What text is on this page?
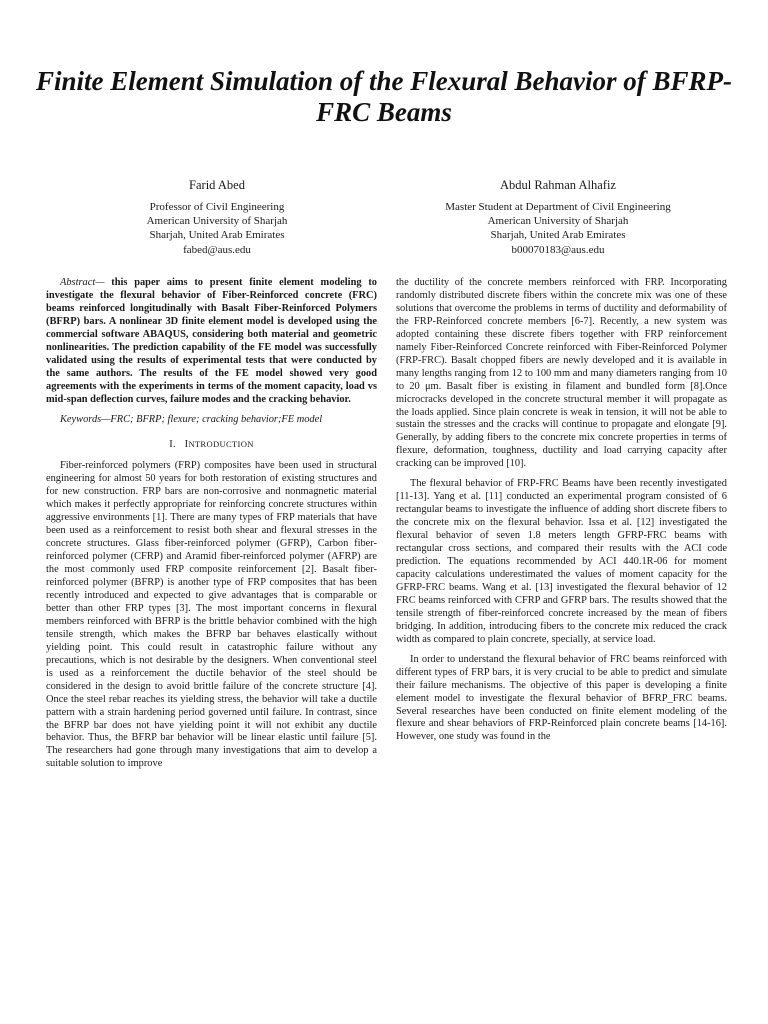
Finite Element Simulation of the Flexural Behavior of BFRP-FRC Beams
Farid Abed
Professor of Civil Engineering
American University of Sharjah
Sharjah, United Arab Emirates
fabed@aus.edu
Abdul Rahman Alhafiz
Master Student at Department of Civil Engineering
American University of Sharjah
Sharjah, United Arab Emirates
b00070183@aus.edu

Abstract— this paper aims to present finite element modeling to investigate the flexural behavior of Fiber-Reinforced concrete (FRC) beams reinforced longitudinally with Basalt Fiber-Reinforced Polymers (BFRP) bars. A nonlinear 3D finite element model is developed using the commercial software ABAQUS, considering both material and geometric nonlinearities. The prediction capability of the FE model was successfully validated using the results of experimental tests that were conducted by the same authors. The results of the FE model showed very good agreements with the experiments in terms of the moment capacity, load vs mid-span deflection curves, failure modes and the cracking behavior.

Keywords—FRC; BFRP; flexure; cracking behavior;FE model

I. INTRODUCTION

Fiber-reinforced polymers (FRP) composites have been used in structural engineering for almost 50 years for both restoration of existing structures and for new construction. FRP bars are non-corrosive and nonmagnetic material which makes it perfectly appropriate for reinforcing concrete structures within aggressive environments [1]. There are many types of FRP materials that have been used as a reinforcement to resist both shear and flexural stresses in the concrete structures. Glass fiber-reinforced polymer (GFRP), Carbon fiber-reinforced polymer (CFRP) and Aramid fiber-reinforced polymer (AFRP) are the most commonly used FRP composite reinforcement [2]. Basalt fiber-reinforced polymer (BFRP) is another type of FRP composites that has been recently introduced and expected to give advantages that is comparable or better than other FRP types [3]. The most important concerns in flexural members reinforced with BFRP is the brittle behavior combined with the high tensile strength, which makes the BFRP bar behaves elastically without yielding point. This could result in catastrophic failure without any precautions, which is not desirable by the designers. When conventional steel is used as a reinforcement the ductile behavior of the steel should be considered in the design to avoid brittle failure of the concrete structure [4]. Once the steel rebar reaches its yielding stress, the behavior will take a ductile pattern with a strain hardening period governed until failure. In contrast, since the BFRP bar does not have yielding point it will not exhibit any ductile behavior. Thus, the BFRP bar behavior will be linear elastic until failure [5]. The researchers had gone through many investigations that aim to develop a suitable solution to improve

the ductility of the concrete members reinforced with FRP. Incorporating randomly distributed discrete fibers within the concrete mix was one of these solutions that overcome the problems in terms of ductility and deformability of the FRP-Reinforced concrete members [6-7]. Recently, a new system was adopted containing these discrete fibers together with FRP reinforcement namely Fiber-Reinforced Concrete reinforced with Fiber-Reinforced Polymer (FRP-FRC). Basalt chopped fibers are newly developed and it is available in many lengths ranging from 12 to 100 mm and many diameters ranging from 10 to 20 μm. Basalt fiber is existing in filament and bundled form [8].Once microcracks developed in the concrete structural member it will propagate as the loads applied. Since plain concrete is weak in tension, it will not be able to sustain the stresses and the cracks will continue to propagate and elongate [9]. Generally, by adding fibers to the concrete mix concrete properties in terms of flexure, deformation, toughness, ductility and load carrying capacity after cracking can be improved [10].

The flexural behavior of FRP-FRC Beams have been recently investigated [11-13]. Yang et al. [11] conducted an experimental program consisted of 6 rectangular beams to investigate the influence of adding short discrete fibers to the concrete mix on the flexural behavior. Issa et al. [12] investigated the flexural behavior of seven 1.8 meters length GFRP-FRC beams with rectangular cross sections, and compared their results with the ACI code prediction. The equations recommended by ACI 440.1R-06 for moment capacity calculations underestimated the values of moment capacity for the GFRP-FRC beams. Wang et al. [13] investigated the flexural behavior of 12 FRC beams reinforced with CFRP and GFRP bars. The results showed that the tensile strength of fiber-reinforced concrete increased by the mean of fibers bridging. In addition, introducing fibers to the concrete mix reduced the crack width as compared to plain concrete, specially, at service load.

In order to understand the flexural behavior of FRC beams reinforced with different types of FRP bars, it is very crucial to be able to predict and simulate their failure mechanisms. The objective of this paper is developing a finite element model to investigate the flexural behavior of BFRP_FRC beams. Several researches have been conducted on finite element modeling of the flexure and shear behaviors of FRP-Reinforced plain concrete beams [14-16]. However, one study was found in the
